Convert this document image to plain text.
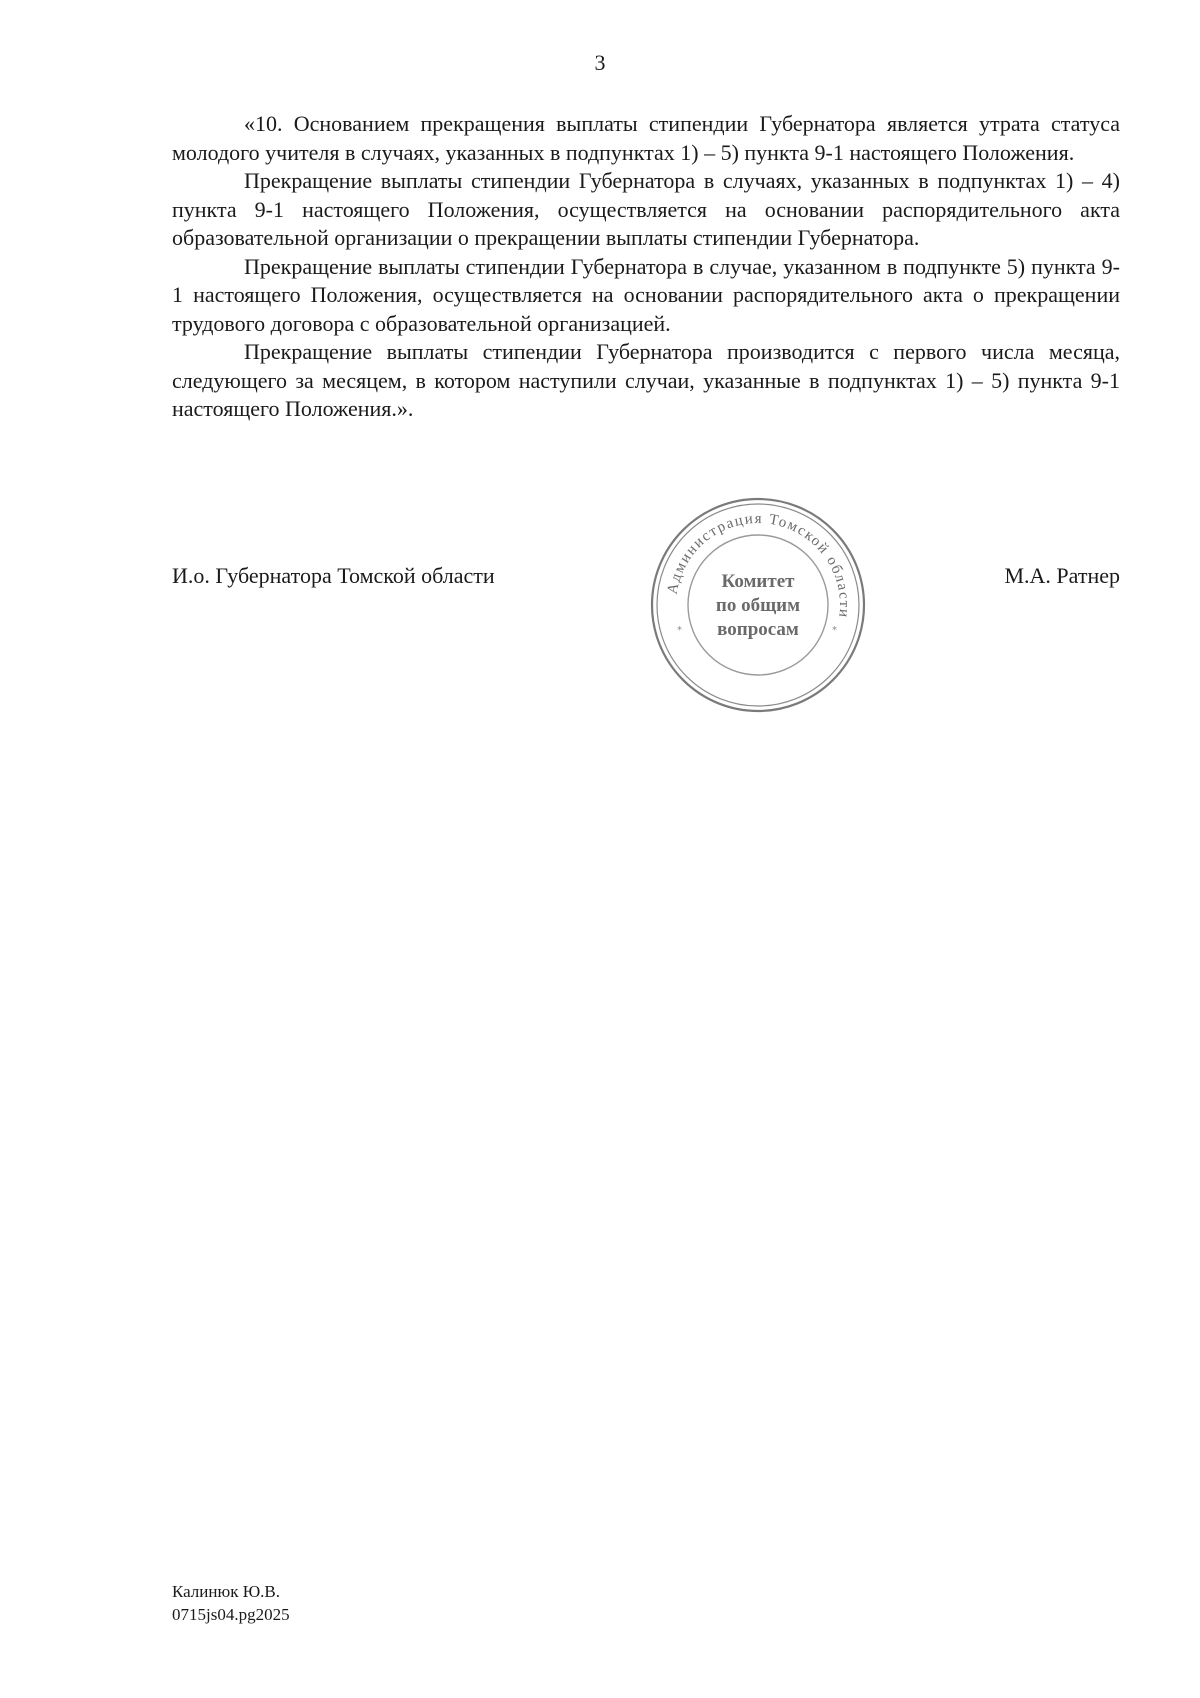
3

«10. Основанием прекращения выплаты стипендии Губернатора является утрата статуса молодого учителя в случаях, указанных в подпунктах 1) – 5) пункта 9-1 настоящего Положения.

Прекращение выплаты стипендии Губернатора в случаях, указанных в подпунктах 1) – 4) пункта 9-1 настоящего Положения, осуществляется на основании распорядительного акта образовательной организации о прекращении выплаты стипендии Губернатора.

Прекращение выплаты стипендии Губернатора в случае, указанном в подпункте 5) пункта 9-1 настоящего Положения, осуществляется на основании распорядительного акта о прекращении трудового договора с образовательной организацией.

Прекращение выплаты стипендии Губернатора производится с первого числа месяца, следующего за месяцем, в котором наступили случаи, указанные в подпунктах 1) – 5) пункта 9-1 настоящего Положения.».

И.о. Губернатора Томской области	М.А. Ратнер
Администрация Томской области
*	*
Комитет
по общим
вопросам
Калинюк Ю.В.
0715js04.pg2025
